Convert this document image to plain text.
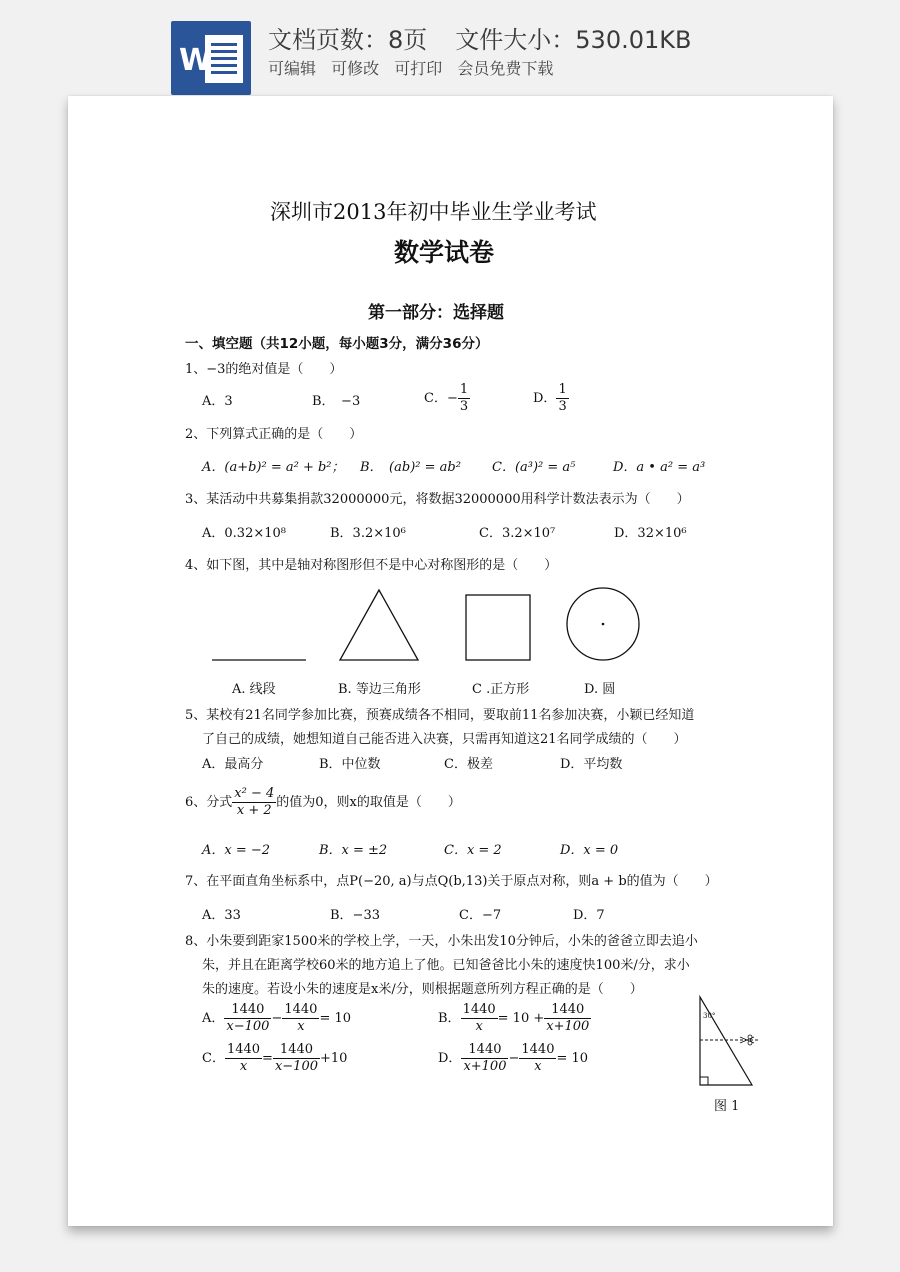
W
文档页数：8页 文件大小：530.01KB
可编辑 可修改 可打印 会员免费下载
深圳市2013年初中毕业生学业考试
数学试卷
第一部分：选择题
一、填空题（共12小题，每小题3分，满分36分）
1、−3的绝对值是（　　）
A．3	B．　−3	C．− $\frac{1}{3}$	D． $\frac{1}{3}$
2、下列算式正确的是（　　）
A．(a+b)² = a² + b²； B．　(ab)² = ab² C．(a³)² = a⁵	D．a • a² = a³
3、某活动中共募集捐款32000000元，将数据32000000用科学计数法表示为（　　）
A．0.32×10⁸	B．3.2×10⁶	C．3.2×10⁷	D．32×10⁶
4、如下图，其中是轴对称图形但不是中心对称图形的是（　　）
A. 线段	B. 等边三角形	C .正方形	D. 圆
5、某校有21名同学参加比赛，预赛成绩各不相同，要取前11名参加决赛，小颖已经知道
了自己的成绩，她想知道自己能否进入决赛，只需再知道这21名同学成绩的（　　）
A．最高分	B．中位数	C．极差	D．平均数
6、分式 $\frac{\text{x² − 4}}{x + 2}$ 的值为0，则x的取值是（　　）
A．x = −2	B．x = ±2	C．x = 2	D．x = 0
7、在平面直角坐标系中，点P(−20, a)与点Q(b,13)关于原点对称，则a + b的值为（　　）
A．33	B．−33	C．−7	D．7
8、小朱要到距家1500米的学校上学，一天，小朱出发10分钟后，小朱的爸爸立即去追小
朱，并且在距离学校60米的地方追上了他。已知爸爸比小朱的速度快100米/分，求小
朱的速度。若设小朱的速度是x米/分，则根据题意所列方程正确的是（　　）
A． $\frac{1440}{x-100} - \frac{1440}{x} = 10$	B． $\frac{1440}{x} = 10 + \frac{1440}{x+100}$
C． $\frac{1440}{x} = \frac{1440}{x-100} +10$	D． $\frac{1440}{x+100} - \frac{1440}{x} = 10$
30°
图 1
